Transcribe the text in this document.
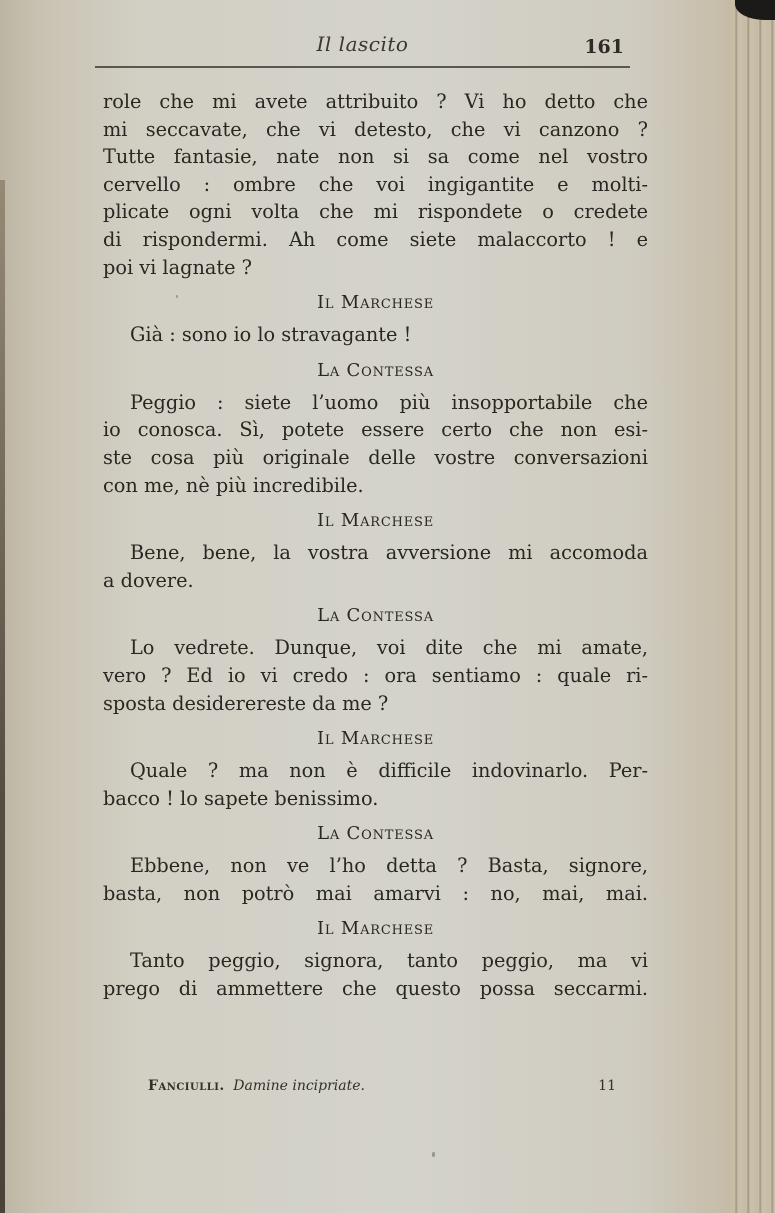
Il lascito	161

role che mi avete attribuito ? Vi ho detto che
mi seccavate, che vi detesto, che vi canzono ?
Tutte fantasie, nate non si sa come nel vostro
cervello : ombre che voi ingigantite e molti-
plicate ogni volta che mi rispondete o credete
di rispondermi. Ah come siete malaccorto ! e
poi vi lagnate ?

Il Marchese

Già : sono io lo stravagante !

La Contessa

Peggio : siete l’uomo più insopportabile che
io conosca. Sì, potete essere certo che non esi-
ste cosa più originale delle vostre conversazioni
con me, nè più incredibile.

Il Marchese

Bene, bene, la vostra avversione mi accomoda
a dovere.

La Contessa

Lo vedrete. Dunque, voi dite che mi amate,
vero ? Ed io vi credo : ora sentiamo : quale ri-
sposta desiderereste da me ?

Il Marchese

Quale ? ma non è difficile indovinarlo. Per-
bacco ! lo sapete benissimo.

La Contessa

Ebbene, non ve l’ho detta ? Basta, signore,
basta, non potrò mai amarvi : no, mai, mai.

Il Marchese

Tanto peggio, signora, tanto peggio, ma vi
prego di ammettere che questo possa seccarmi.

Fanciulli. Damine incipriate.	11
